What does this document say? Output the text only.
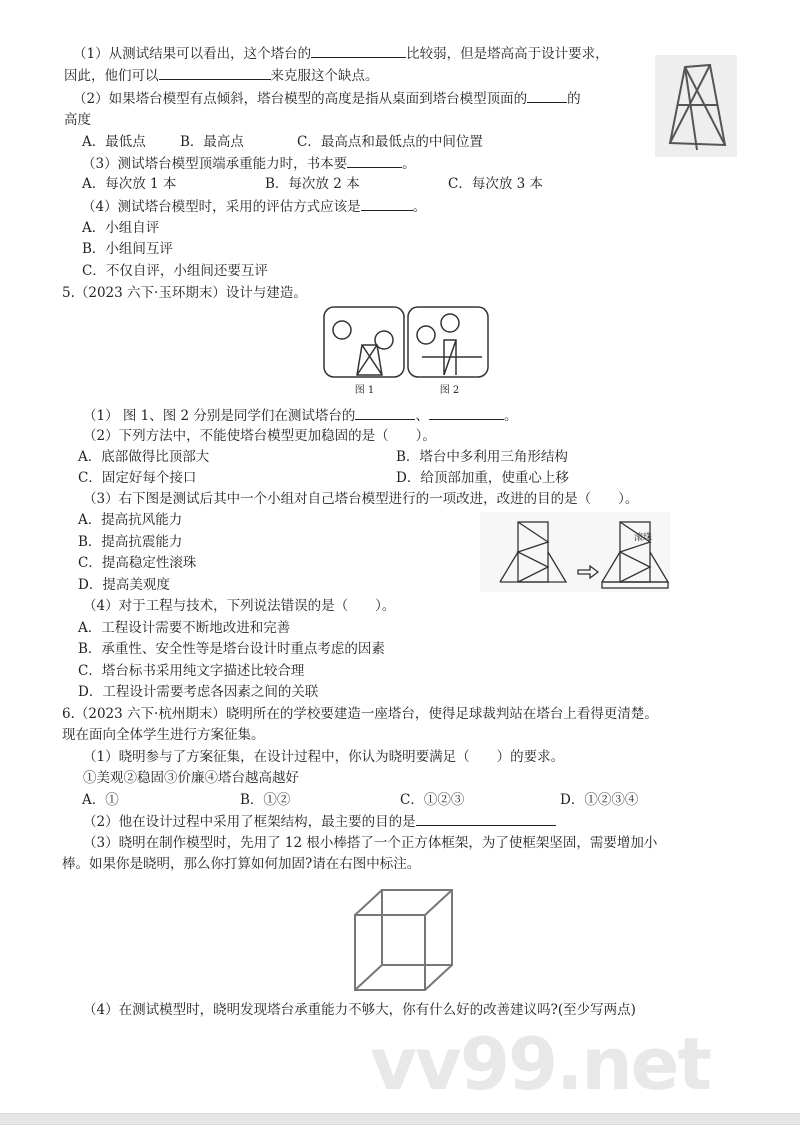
（1）从测试结果可以看出，这个塔台的	比较弱，但是塔高高于设计要求，
因此，他们可以	来克服这个缺点。
（2）如果塔台模型有点倾斜，塔台模型的高度是指从桌面到塔台模型顶面的	的
高度
A．最低点	B．最高点	C．最高点和最低点的中间位置
（3）测试塔台模型顶端承重能力时，书本要	。
A．每次放 1 本	B．每次放 2 本	C．每次放 3 本
（4）测试塔台模型时，采用的评估方式应该是	。
A．小组自评
B．小组间互评
C．不仅自评，小组间还要互评
5.（2023 六下·玉环期末）设计与建造。
图 1	图 2
（1） 图 1、图 2 分别是同学们在测试塔台的	、	。
（2）下列方法中，不能使塔台模型更加稳固的是（　　）。
A．底部做得比顶部大	B．塔台中多利用三角形结构
C．固定好每个接口	D．给顶部加重，使重心上移
（3）右下图是测试后其中一个小组对自己塔台模型进行的一项改进，改进的目的是（　　）。
A．提高抗风能力
B．提高抗震能力
C．提高稳定性滚珠
D．提高美观度
滚珠
（4）对于工程与技术，下列说法错误的是（　　）。
A．工程设计需要不断地改进和完善
B．承重性、安全性等是塔台设计时重点考虑的因素
C．塔台标书采用纯文字描述比较合理
D．工程设计需要考虑各因素之间的关联
6.（2023 六下·杭州期末）晓明所在的学校要建造一座塔台，使得足球裁判站在塔台上看得更清楚。
现在面向全体学生进行方案征集。
（1）晓明参与了方案征集，在设计过程中，你认为晓明要满足（　　）的要求。
①美观②稳固③价廉④塔台越高越好
A．①	B．①②	C．①②③	D．①②③④
（2）他在设计过程中采用了框架结构，最主要的目的是
（3）晓明在制作模型时，先用了 12 根小棒搭了一个正方体框架，为了使框架坚固，需要增加小
棒。如果你是晓明，那么你打算如何加固?请在右图中标注。
（4）在测试模型时，晓明发现塔台承重能力不够大，你有什么好的改善建议吗?(至少写两点)
vv99.net
